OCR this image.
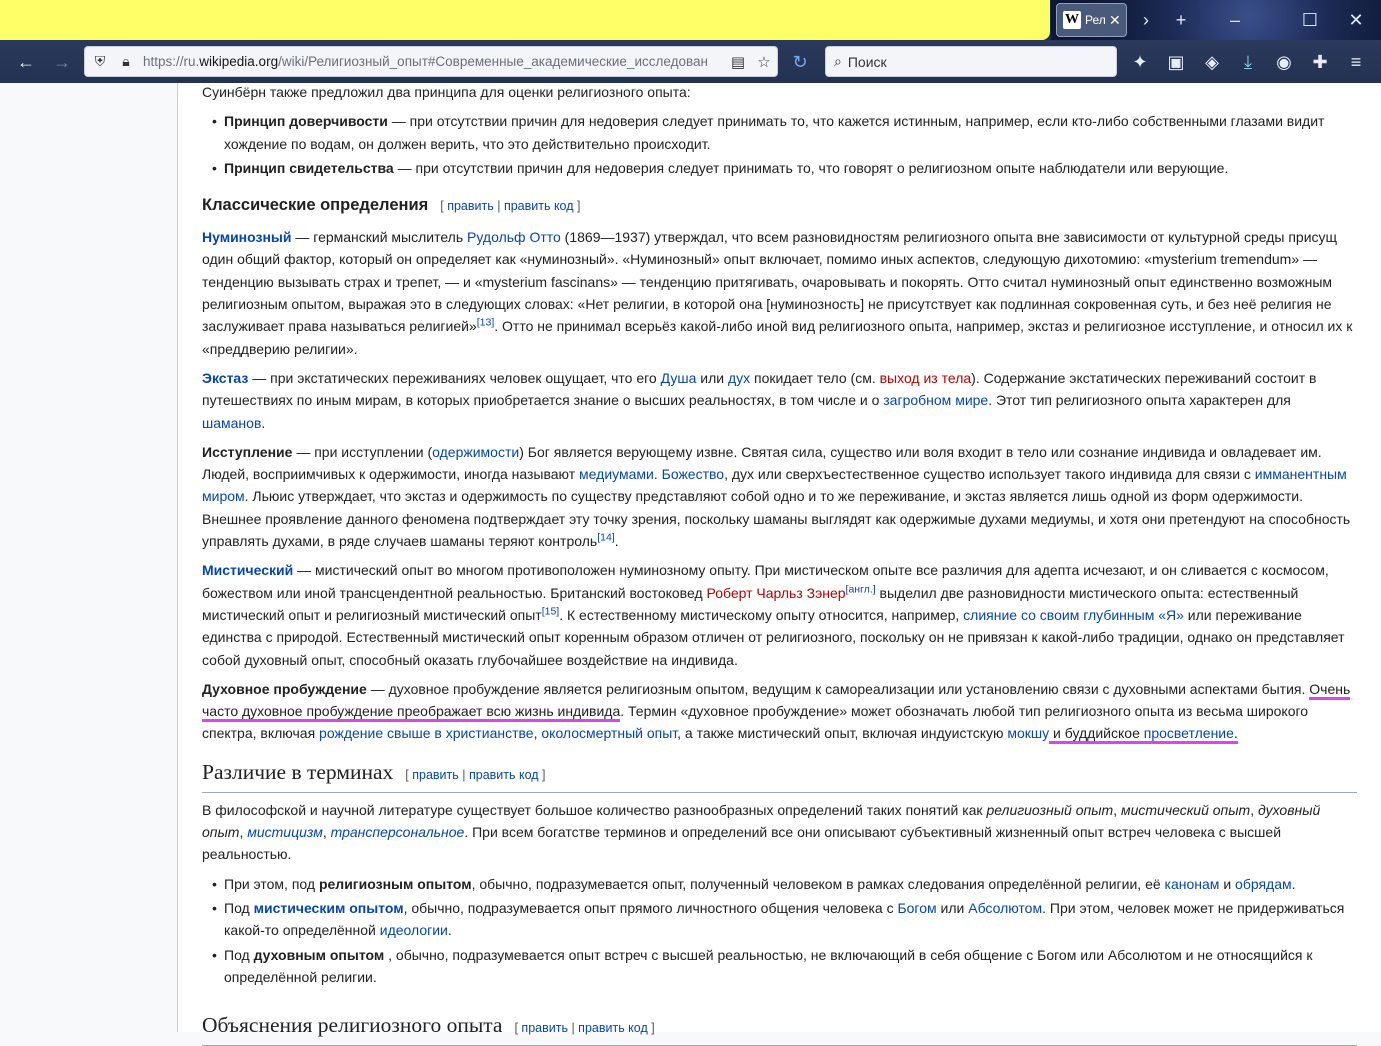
W Рел ✕	›	+	–	☐	✕
← →	↻	✦	▣	◈	⤓	◉	✚	≡
⛨	🔒︎ https://ru.wikipedia.org/wiki/Религиозный_опыт#Современные_академические_исследован	▤ ☆	⌕ Поиск

Суинбёрн также предложил два принципа для оценки религиозного опыта:

• Принцип доверчивости — при отсутствии причин для недоверия следует принимать то, что кажется истинным, например, если кто-либо собственными глазами видит хождение по водам, он должен верить, что это действительно происходит.
• Принцип свидетельства — при отсутствии причин для недоверия следует принимать то, что говорят о религиозном опыте наблюдатели или верующие.
Классические определения [ править | править код ]

Нуминозный — германский мыслитель Рудольф Отто (1869—1937) утверждал, что всем разновидностям религиозного опыта вне зависимости от культурной среды присущ один общий фактор, который он определяет как «нуминозный». «Нуминозный» опыт включает, помимо иных аспектов, следующую дихотомию: «mysterium tremendum» — тенденцию вызывать страх и трепет, — и «mysterium fascinans» — тенденцию притягивать, очаровывать и покорять. Отто считал нуминозный опыт единственно возможным религиозным опытом, выражая это в следующих словах: «Нет религии, в которой она [нуминозность] не присутствует как подлинная сокровенная суть, и без неё религия не заслуживает права называться религией»[13]. Отто не принимал всерьёз какой-либо иной вид религиозного опыта, например, экстаз и религиозное исступление, и относил их к «преддверию религии».

Экстаз — при экстатических переживаниях человек ощущает, что его Душа или дух покидает тело (см. выход из тела). Содержание экстатических переживаний состоит в путешествиях по иным мирам, в которых приобретается знание о высших реальностях, в том числе и о загробном мире. Этот тип религиозного опыта характерен для шаманов.

Исступление — при исступлении (одержимости) Бог является верующему извне. Святая сила, существо или воля входит в тело или сознание индивида и овладевает им. Людей, восприимчивых к одержимости, иногда называют медиумами. Божество, дух или сверхъестественное существо использует такого индивида для связи с имманентным миром. Льюис утверждает, что экстаз и одержимость по существу представляют собой одно и то же переживание, и экстаз является лишь одной из форм одержимости. Внешнее проявление данного феномена подтверждает эту точку зрения, поскольку шаманы выглядят как одержимые духами медиумы, и хотя они претендуют на способность управлять духами, в ряде случаев шаманы теряют контроль[14].

Мистический — мистический опыт во многом противоположен нуминозному опыту. При мистическом опыте все различия для адепта исчезают, и он сливается с космосом, божеством или иной трансцендентной реальностью. Британский востоковед Роберт Чарльз Зэнер[англ.] выделил две разновидности мистического опыта: естественный мистический опыт и религиозный мистический опыт[15]. К естественному мистическому опыту относится, например, слияние со своим глубинным «Я» или переживание единства с природой. Естественный мистический опыт коренным образом отличен от религиозного, поскольку он не привязан к какой-либо традиции, однако он представляет собой духовный опыт, способный оказать глубочайшее воздействие на индивида.

Духовное пробуждение — духовное пробуждение является религиозным опытом, ведущим к самореализации или установлению связи с духовными аспектами бытия. Очень часто духовное пробуждение преображает всю жизнь индивида. Термин «духовное пробуждение» может обозначать любой тип религиозного опыта из весьма широкого спектра, включая рождение свыше в христианстве, околосмертный опыт, а также мистический опыт, включая индуистскую мокшу и буддийское просветление.

Различие в терминах [ править | править код ]

В философской и научной литературе существует большое количество разнообразных определений таких понятий как религиозный опыт, мистический опыт, духовный опыт, мистицизм, трансперсональное. При всем богатстве терминов и определений все они описывают субъективный жизненный опыт встреч человека с высшей реальностью.

• При этом, под религиозным опытом, обычно, подразумевается опыт, полученный человеком в рамках следования определённой религии, её канонам и обрядам.
• Под мистическим опытом, обычно, подразумевается опыт прямого личностного общения человека с Богом или Абсолютом. При этом, человек может не придерживаться какой-то определённой идеологии.
• Под духовным опытом , обычно, подразумевается опыт встреч с высшей реальностью, не включающий в себя общение с Богом или Абсолютом и не относящийся к определённой религии.
Объяснения религиозного опыта [ править | править код ]
